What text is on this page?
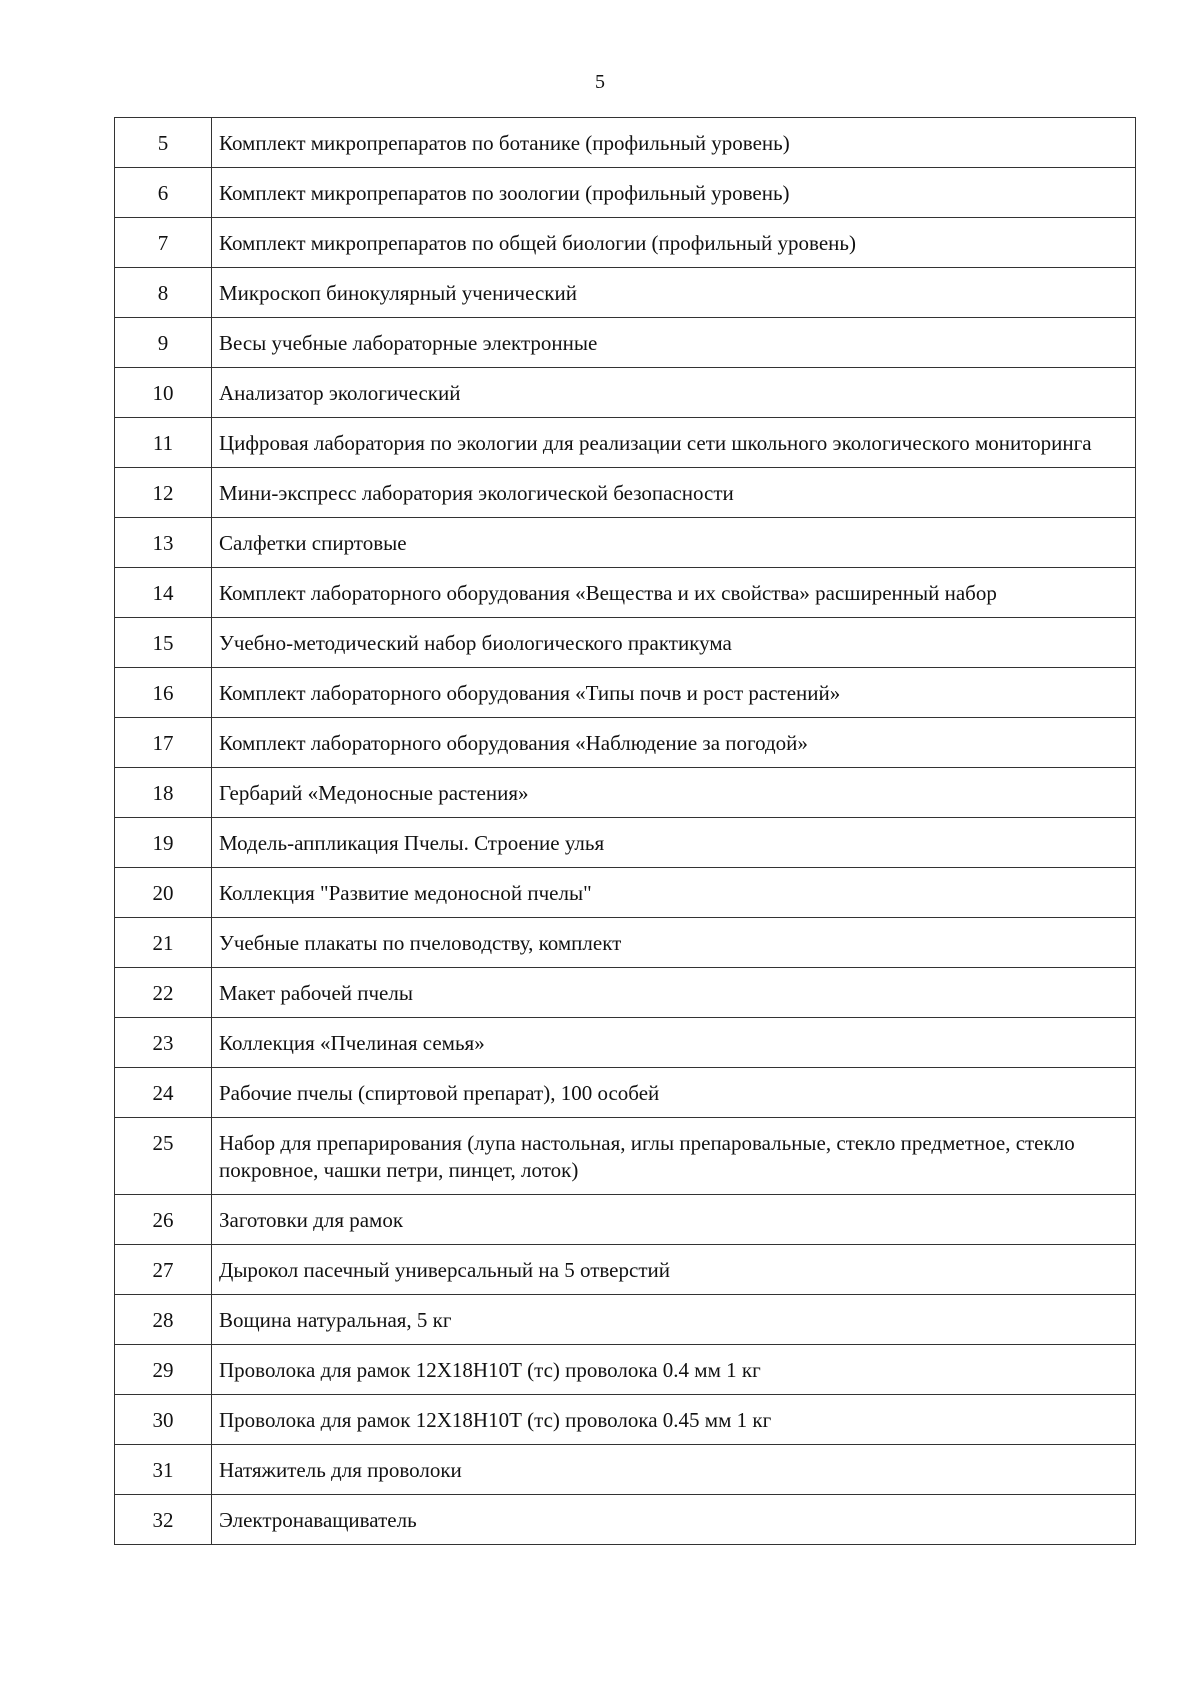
5
5	Комплект микропрепаратов по ботанике (профильный уровень)
6	Комплект микропрепаратов по зоологии (профильный уровень)
7	Комплект микропрепаратов по общей биологии (профильный уровень)
8	Микроскоп бинокулярный ученический
9	Весы учебные лабораторные электронные
10	Анализатор экологический
11	Цифровая лаборатория по экологии для реализации сети школьного экологического мониторинга
12	Мини-экспресс лаборатория экологической безопасности
13	Салфетки спиртовые
14	Комплект лабораторного оборудования «Вещества и их свойства» расширенный набор
15	Учебно-методический набор биологического практикума
16	Комплект лабораторного оборудования «Типы почв и рост растений»
17	Комплект лабораторного оборудования «Наблюдение за погодой»
18	Гербарий «Медоносные растения»
19	Модель-аппликация Пчелы. Строение улья
20	Коллекция "Развитие медоносной пчелы"
21	Учебные плакаты по пчеловодству, комплект
22	Макет рабочей пчелы
23	Коллекция «Пчелиная семья»
24	Рабочие пчелы (спиртовой препарат), 100 особей
25	Набор для препарирования (лупа настольная, иглы препаровальные, стекло предметное, стекло покровное, чашки петри, пинцет, лоток)
26	Заготовки для рамок
27	Дырокол пасечный универсальный на 5 отверстий
28	Вощина натуральная, 5 кг
29	Проволока для рамок 12Х18Н10Т (тс) проволока 0.4 мм 1 кг
30	Проволока для рамок 12Х18Н10Т (тс) проволока 0.45 мм 1 кг
31	Натяжитель для проволоки
32	Электронаващиватель
